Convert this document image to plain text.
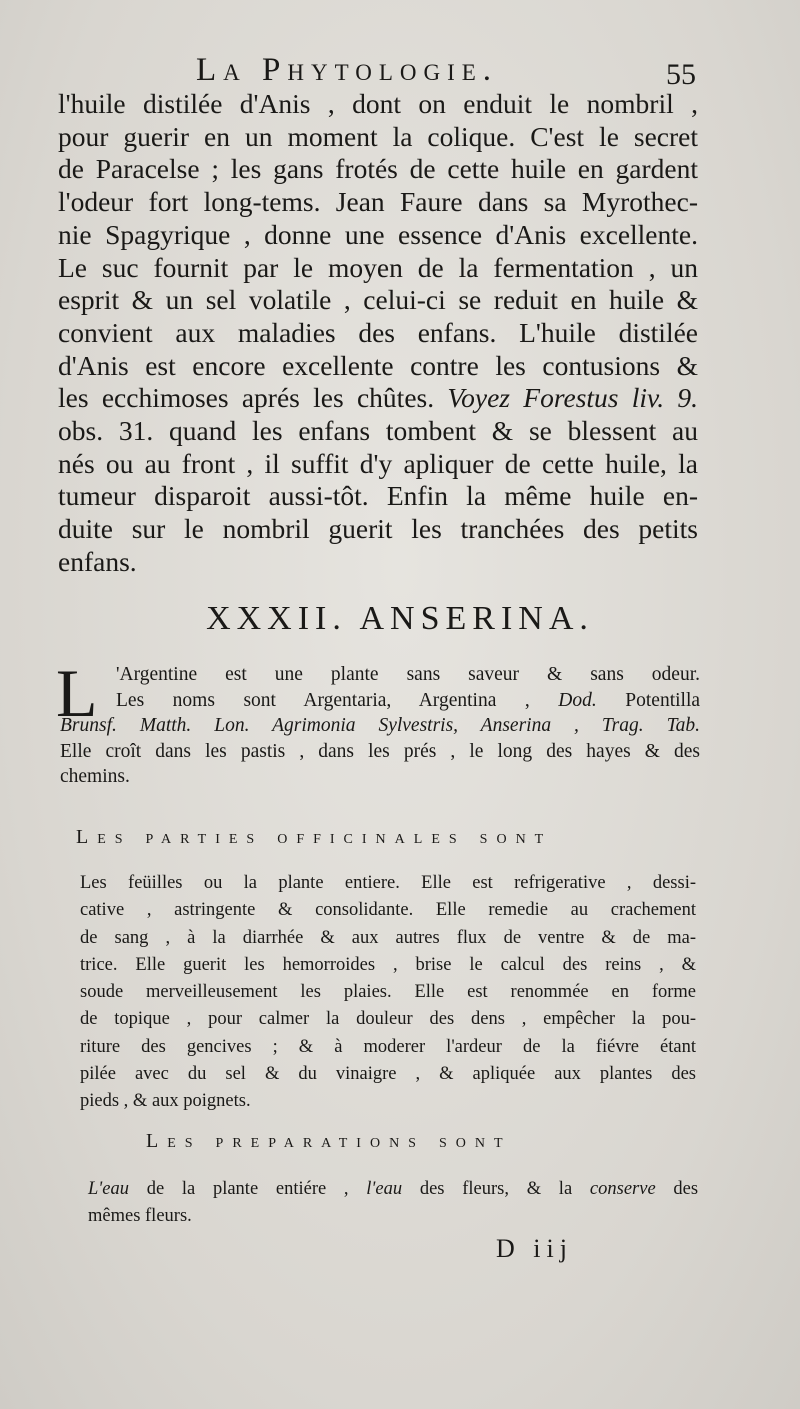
La Phytologie.	55
l'huile distilée d'Anis , dont on enduit le nombril ,
pour guerir en un moment la colique. C'est le secret
de Paracelse ; les gans frotés de cette huile en gardent
l'odeur fort long-tems. Jean Faure dans sa Myrothec-
nie Spagyrique , donne une essence d'Anis excellente.
Le suc fournit par le moyen de la fermentation , un
esprit & un sel volatile , celui-ci se reduit en huile &
convient aux maladies des enfans. L'huile distilée
d'Anis est encore excellente contre les contusions &
les ecchimoses aprés les chûtes. Voyez Forestus liv. 9.
obs. 31. quand les enfans tombent & se blessent au
nés ou au front , il suffit d'y apliquer de cette huile, la
tumeur disparoit aussi-tôt. Enfin la même huile en-
duite sur le nombril guerit les tranchées des petits
enfans.
XXXII. ANSERINA.
L 'Argentine est une plante sans saveur & sans odeur.
Les noms sont Argentaria, Argentina , Dod. Potentilla
Brunsf. Matth. Lon. Agrimonia Sylvestris, Anserina , Trag. Tab.
Elle croît dans les pastis , dans les prés , le long des hayes & des
chemins.
Les parties officinales sont
Les feüilles ou la plante entiere. Elle est refrigerative , dessi-
cative , astringente & consolidante. Elle remedie au crachement
de sang , à la diarrhée & aux autres flux de ventre & de ma-
trice. Elle guerit les hemorroides , brise le calcul des reins , &
soude merveilleusement les plaies. Elle est renommée en forme
de topique , pour calmer la douleur des dens , empêcher la pou-
riture des gencives ; & à moderer l'ardeur de la fiévre étant
pilée avec du sel & du vinaigre , & apliquée aux plantes des
pieds , & aux poignets.
Les preparations sont
L'eau de la plante entiére , l'eau des fleurs, & la conserve des
mêmes fleurs.
D iij
